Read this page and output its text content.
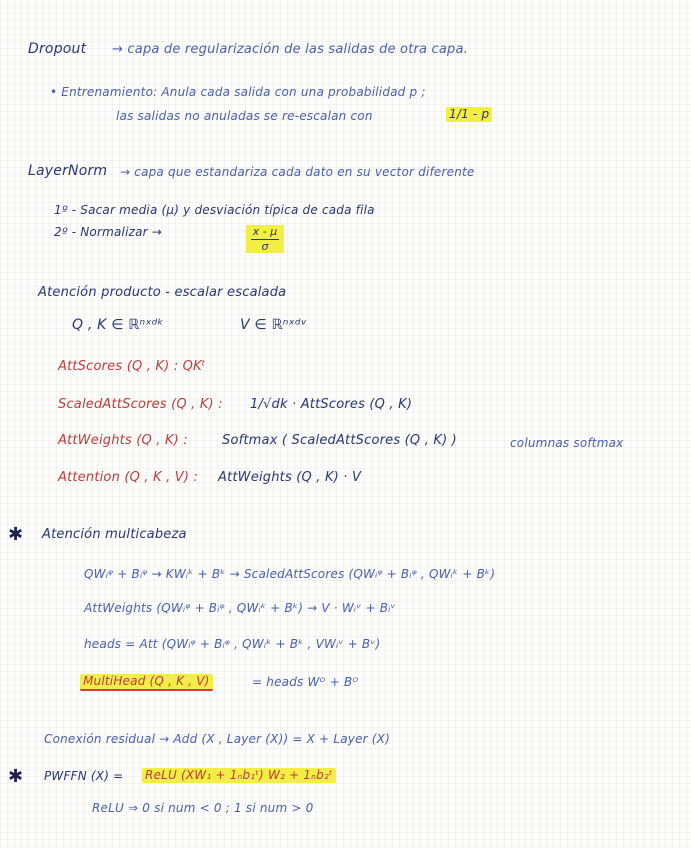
Dropout → capa de regularización de las salidas de otra capa.
• Entrenamiento: Anula cada salida con una probabilidad p ;
las salidas no anuladas se re-escalan con	1/1 - p
LayerNorm → capa que estandariza cada dato en su vector diferente
1º - Sacar media (μ) y desviación típica de cada fila
2º - Normalizar →	x - μ
σ
Atención producto - escalar escalada
Q , K ∈ ℝⁿˣᵈᵏ	V ∈ ℝⁿˣᵈᵛ
AttScores (Q , K) : QKᵗ
ScaledAttScores (Q , K) : 1/√dk · AttScores (Q , K)
AttWeights (Q , K) :	Softmax ( ScaledAttScores (Q , K) )	columnas softmax
Attention (Q , K , V) : AttWeights (Q , K) · V
✱ Atención multicabeza
QWᵢᵠ + Bᵢᵠ → KWᵢᵏ + Bᵏ → ScaledAttScores (QWᵢᵠ + Bᵢᵠ , QWᵢᵏ + Bᵏ)
AttWeights (QWᵢᵠ + Bᵢᵠ , QWᵢᵏ + Bᵏ) → V · Wᵢᵛ + Bᵢᵛ
heads = Att (QWᵢᵠ + Bᵢᵠ , QWᵢᵏ + Bᵏ , VWᵢᵛ + Bᵛ)
MultiHead (Q , K , V)	= heads Wᴼ + Bᴼ
Conexión residual → Add (X , Layer (X)) = X + Layer (X)
✱ PWFFN (X) = ReLU (XW₁ + 1ₙb₁ᵗ) W₂ + 1ₙb₂ᵗ
ReLU ⇒ 0 si num < 0 ; 1 si num > 0
